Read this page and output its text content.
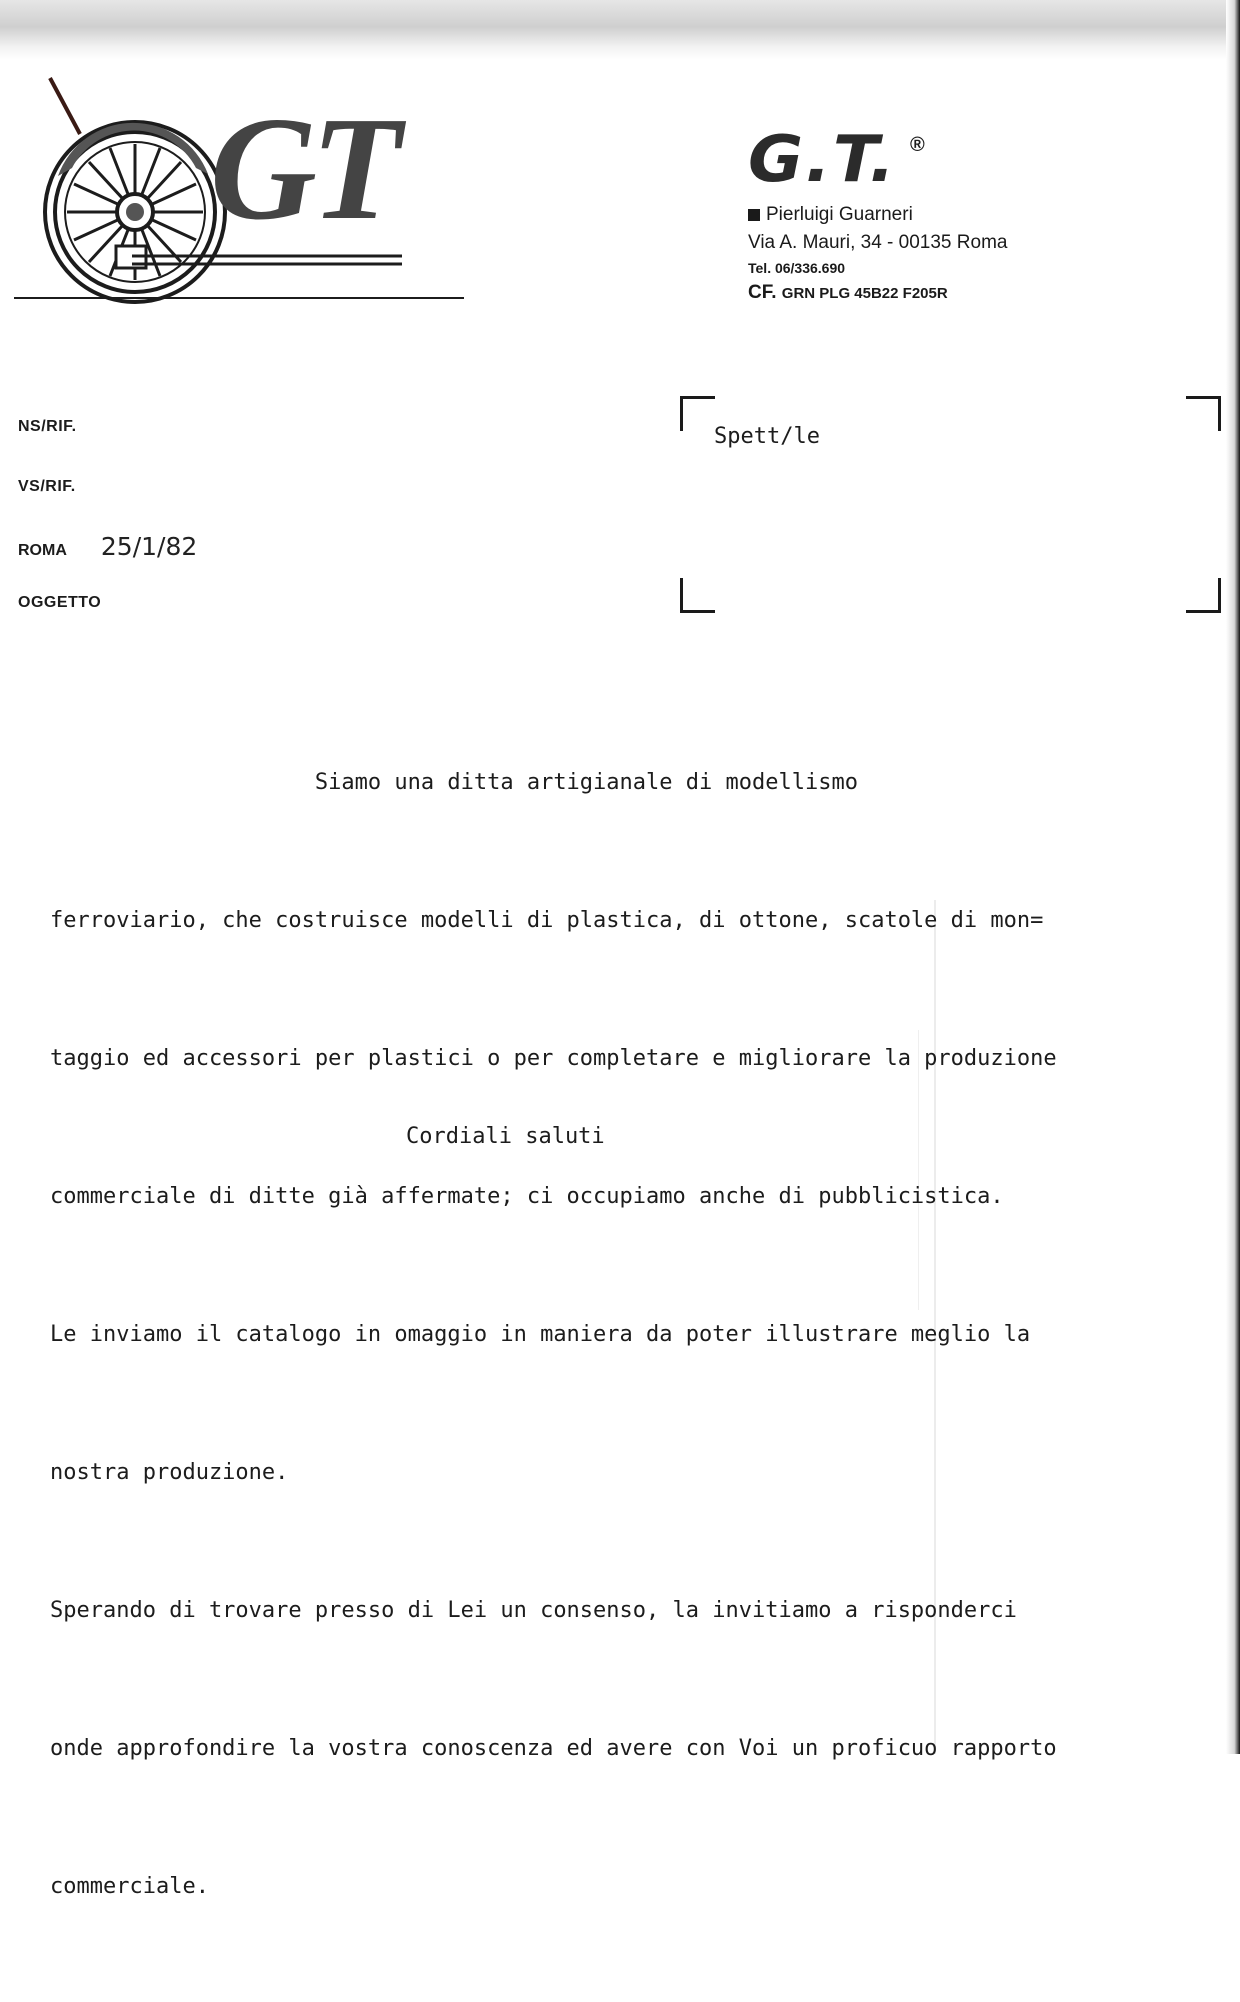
GT	G.T. ®
Pierluigi Guarneri
Via A. Mauri, 34 - 00135 Roma
Tel. 06/336.690
CF. GRN PLG 45B22 F205R
NS/RIF.
VS/RIF.
ROMA 25/1/82
OGGETTO
Spett/le

Siamo una ditta artigianale di modellismo

ferroviario, che costruisce modelli di plastica, di ottone, scatole di mon=

taggio ed accessori per plastici o per completare e migliorare la produzione

commerciale di ditte già affermate; ci occupiamo anche di pubblicistica.

Le inviamo il catalogo in omaggio in maniera da poter illustrare meglio la

nostra produzione.

Sperando di trovare presso di Lei un consenso, la invitiamo a risponderci

onde approfondire la vostra conoscenza ed avere con Voi un proficuo rapporto

commerciale.

Cordiali saluti
